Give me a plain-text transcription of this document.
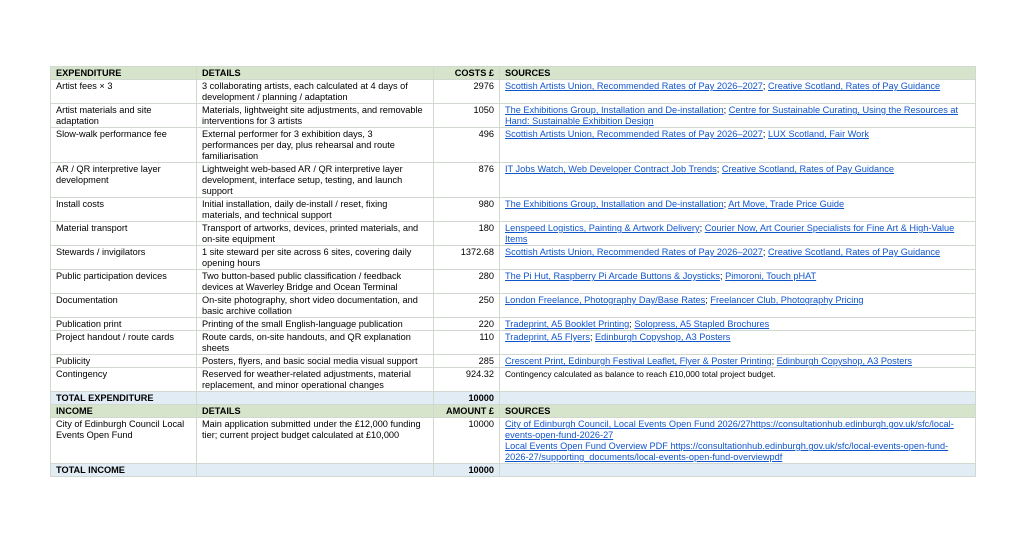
EXPENDITURE	DETAILS	COSTS £	SOURCES
Artist fees × 3	3 collaborating artists, each calculated at 4 days of development / planning / adaptation	2976	Scottish Artists Union, Recommended Rates of Pay 2026–2027; Creative Scotland, Rates of Pay Guidance
Artist materials and site adaptation	Materials, lightweight site adjustments, and removable interventions for 3 artists	1050	The Exhibitions Group, Installation and De-installation; Centre for Sustainable Curating, Using the Resources at Hand: Sustainable Exhibition Design
Slow-walk performance fee	External performer for 3 exhibition days, 3 performances per day, plus rehearsal and route familiarisation	496	Scottish Artists Union, Recommended Rates of Pay 2026–2027; LUX Scotland, Fair Work
AR / QR interpretive layer development	Lightweight web-based AR / QR interpretive layer development, interface setup, testing, and launch support	876	IT Jobs Watch, Web Developer Contract Job Trends; Creative Scotland, Rates of Pay Guidance
Install costs	Initial installation, daily de-install / reset, fixing materials, and technical support	980	The Exhibitions Group, Installation and De-installation; Art Move, Trade Price Guide
Material transport	Transport of artworks, devices, printed materials, and on-site equipment	180	Lenspeed Logistics, Painting & Artwork Delivery; Courier Now, Art Courier Specialists for Fine Art & High-Value Items
Stewards / invigilators	1 site steward per site across 6 sites, covering daily opening hours	1372.68	Scottish Artists Union, Recommended Rates of Pay 2026–2027; Creative Scotland, Rates of Pay Guidance
Public participation devices	Two button-based public classification / feedback devices at Waverley Bridge and Ocean Terminal	280	The Pi Hut, Raspberry Pi Arcade Buttons & Joysticks; Pimoroni, Touch pHAT
Documentation	On-site photography, short video documentation, and basic archive collation	250	London Freelance, Photography Day/Base Rates; Freelancer Club, Photography Pricing
Publication print	Printing of the small English-language publication	220	Tradeprint, A5 Booklet Printing; Solopress, A5 Stapled Brochures
Project handout / route cards	Route cards, on-site handouts, and QR explanation sheets	110	Tradeprint, A5 Flyers; Edinburgh Copyshop, A3 Posters
Publicity	Posters, flyers, and basic social media visual support	285	Crescent Print, Edinburgh Festival Leaflet, Flyer & Poster Printing; Edinburgh Copyshop, A3 Posters
Contingency	Reserved for weather-related adjustments, material replacement, and minor operational changes	924.32	Contingency calculated as balance to reach £10,000 total project budget.
TOTAL EXPENDITURE		10000	
INCOME	DETAILS	AMOUNT £	SOURCES
City of Edinburgh Council Local Events Open Fund	Main application submitted under the £12,000 funding tier; current project budget calculated at £10,000	10000	City of Edinburgh Council, Local Events Open Fund 2026/27https://consultationhub.edinburgh.gov.uk/sfc/local-events-open-fund-2026-27
Local Events Open Fund Overview PDF https://consultationhub.edinburgh.gov.uk/sfc/local-events-open-fund-2026-27/supporting_documents/local-events-open-fund-overviewpdf
TOTAL INCOME		10000	
